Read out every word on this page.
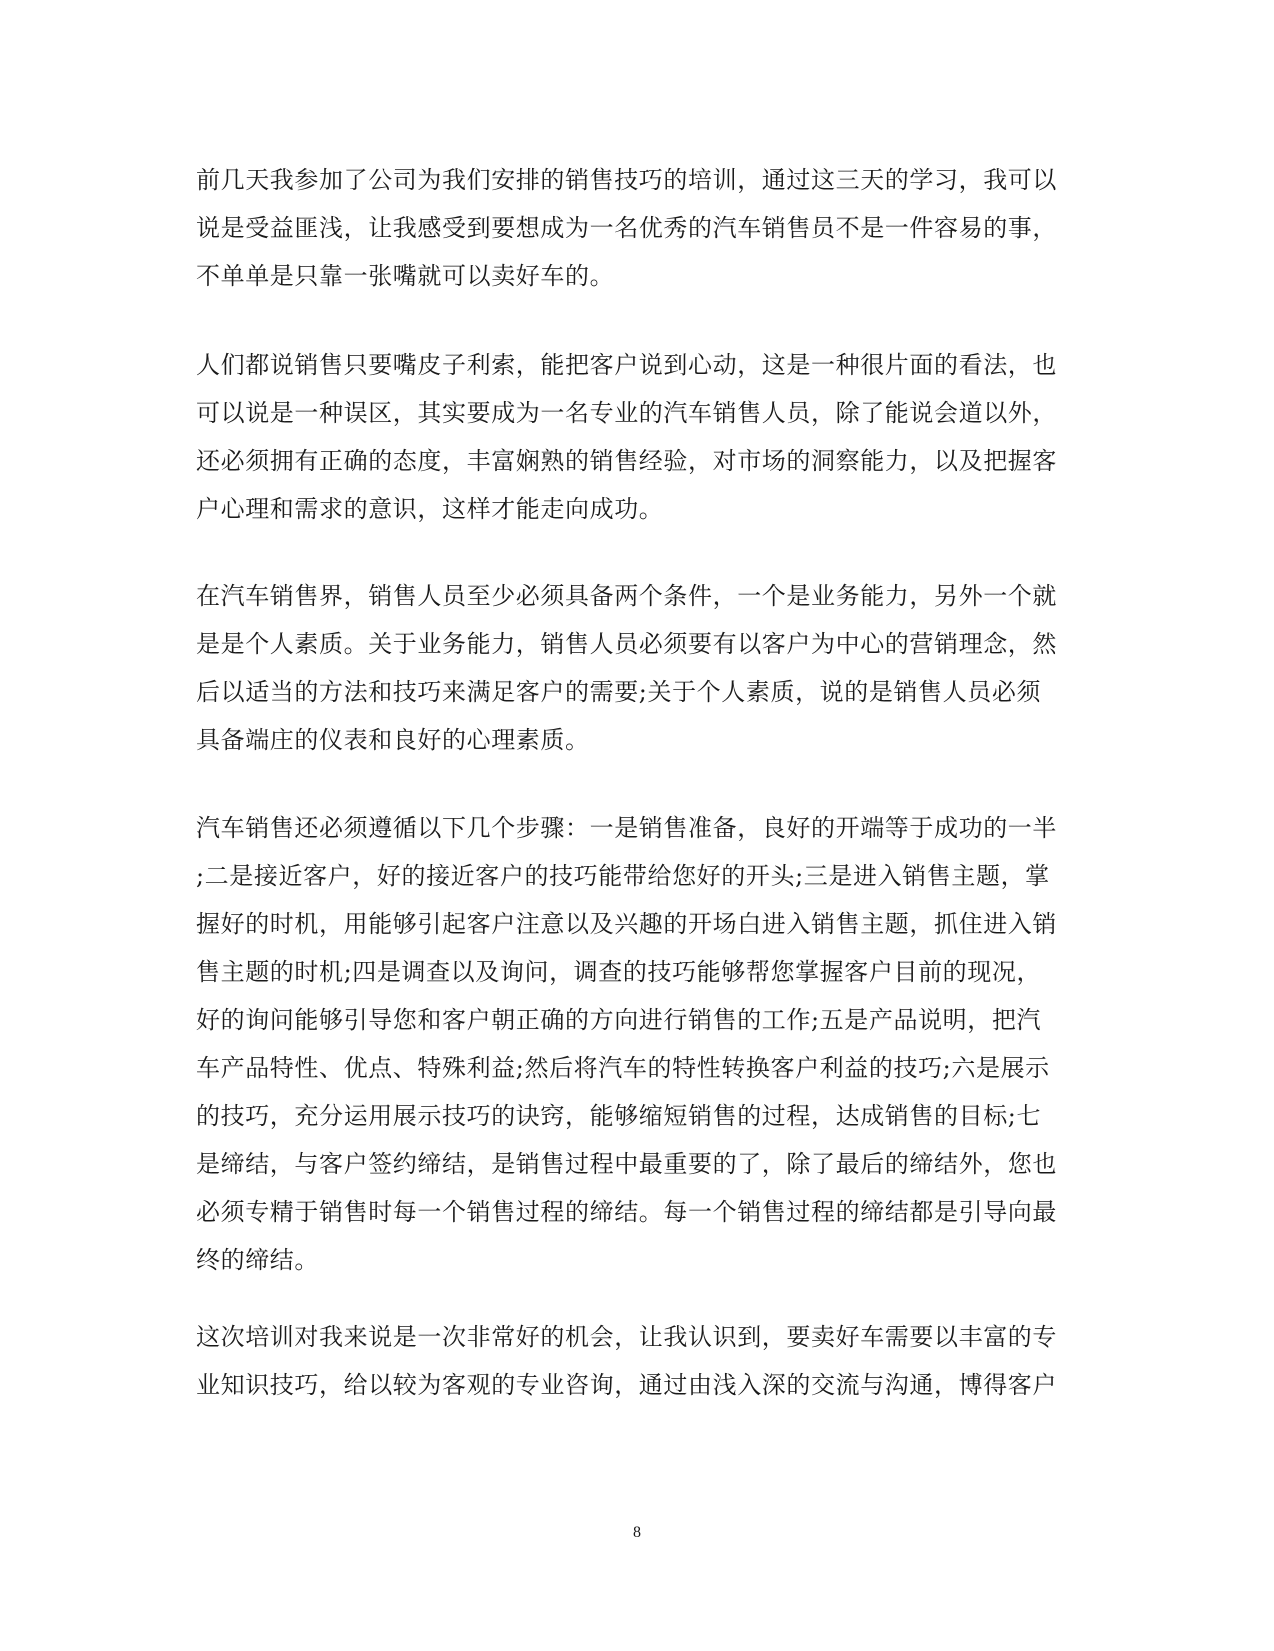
前几天我参加了公司为我们安排的销售技巧的培训，通过这三天的学习，我可以
说是受益匪浅，让我感受到要想成为一名优秀的汽车销售员不是一件容易的事，
不单单是只靠一张嘴就可以卖好车的。
人们都说销售只要嘴皮子利索，能把客户说到心动，这是一种很片面的看法，也
可以说是一种误区，其实要成为一名专业的汽车销售人员，除了能说会道以外，
还必须拥有正确的态度，丰富娴熟的销售经验，对市场的洞察能力，以及把握客
户心理和需求的意识，这样才能走向成功。
在汽车销售界，销售人员至少必须具备两个条件，一个是业务能力，另外一个就
是是个人素质。关于业务能力，销售人员必须要有以客户为中心的营销理念，然
后以适当的方法和技巧来满足客户的需要;关于个人素质，说的是销售人员必须
具备端庄的仪表和良好的心理素质。
汽车销售还必须遵循以下几个步骤：一是销售准备，良好的开端等于成功的一半
;二是接近客户，好的接近客户的技巧能带给您好的开头;三是进入销售主题，掌
握好的时机，用能够引起客户注意以及兴趣的开场白进入销售主题，抓住进入销
售主题的时机;四是调查以及询问，调查的技巧能够帮您掌握客户目前的现况，
好的询问能够引导您和客户朝正确的方向进行销售的工作;五是产品说明，把汽
车产品特性、优点、特殊利益;然后将汽车的特性转换客户利益的技巧;六是展示
的技巧，充分运用展示技巧的诀窍，能够缩短销售的过程，达成销售的目标;七
是缔结，与客户签约缔结，是销售过程中最重要的了，除了最后的缔结外，您也
必须专精于销售时每一个销售过程的缔结。每一个销售过程的缔结都是引导向最
终的缔结。
这次培训对我来说是一次非常好的机会，让我认识到，要卖好车需要以丰富的专
业知识技巧，给以较为客观的专业咨询，通过由浅入深的交流与沟通，博得客户
8
